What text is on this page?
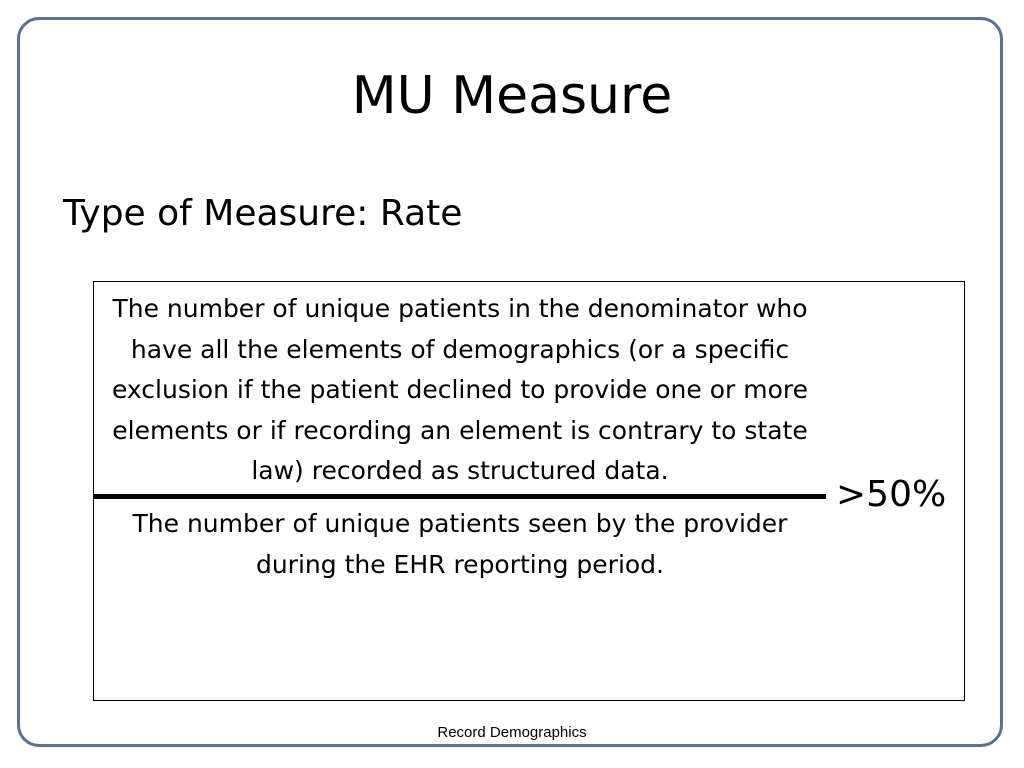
MU Measure

Type of Measure: Rate

The number of unique patients in the denominator who have all the elements of demographics (or a specific exclusion if the patient declined to provide one or more elements or if recording an element is contrary to state law) recorded as structured data.

The number of unique patients seen by the provider during the EHR reporting period.

>50%

Record Demographics
